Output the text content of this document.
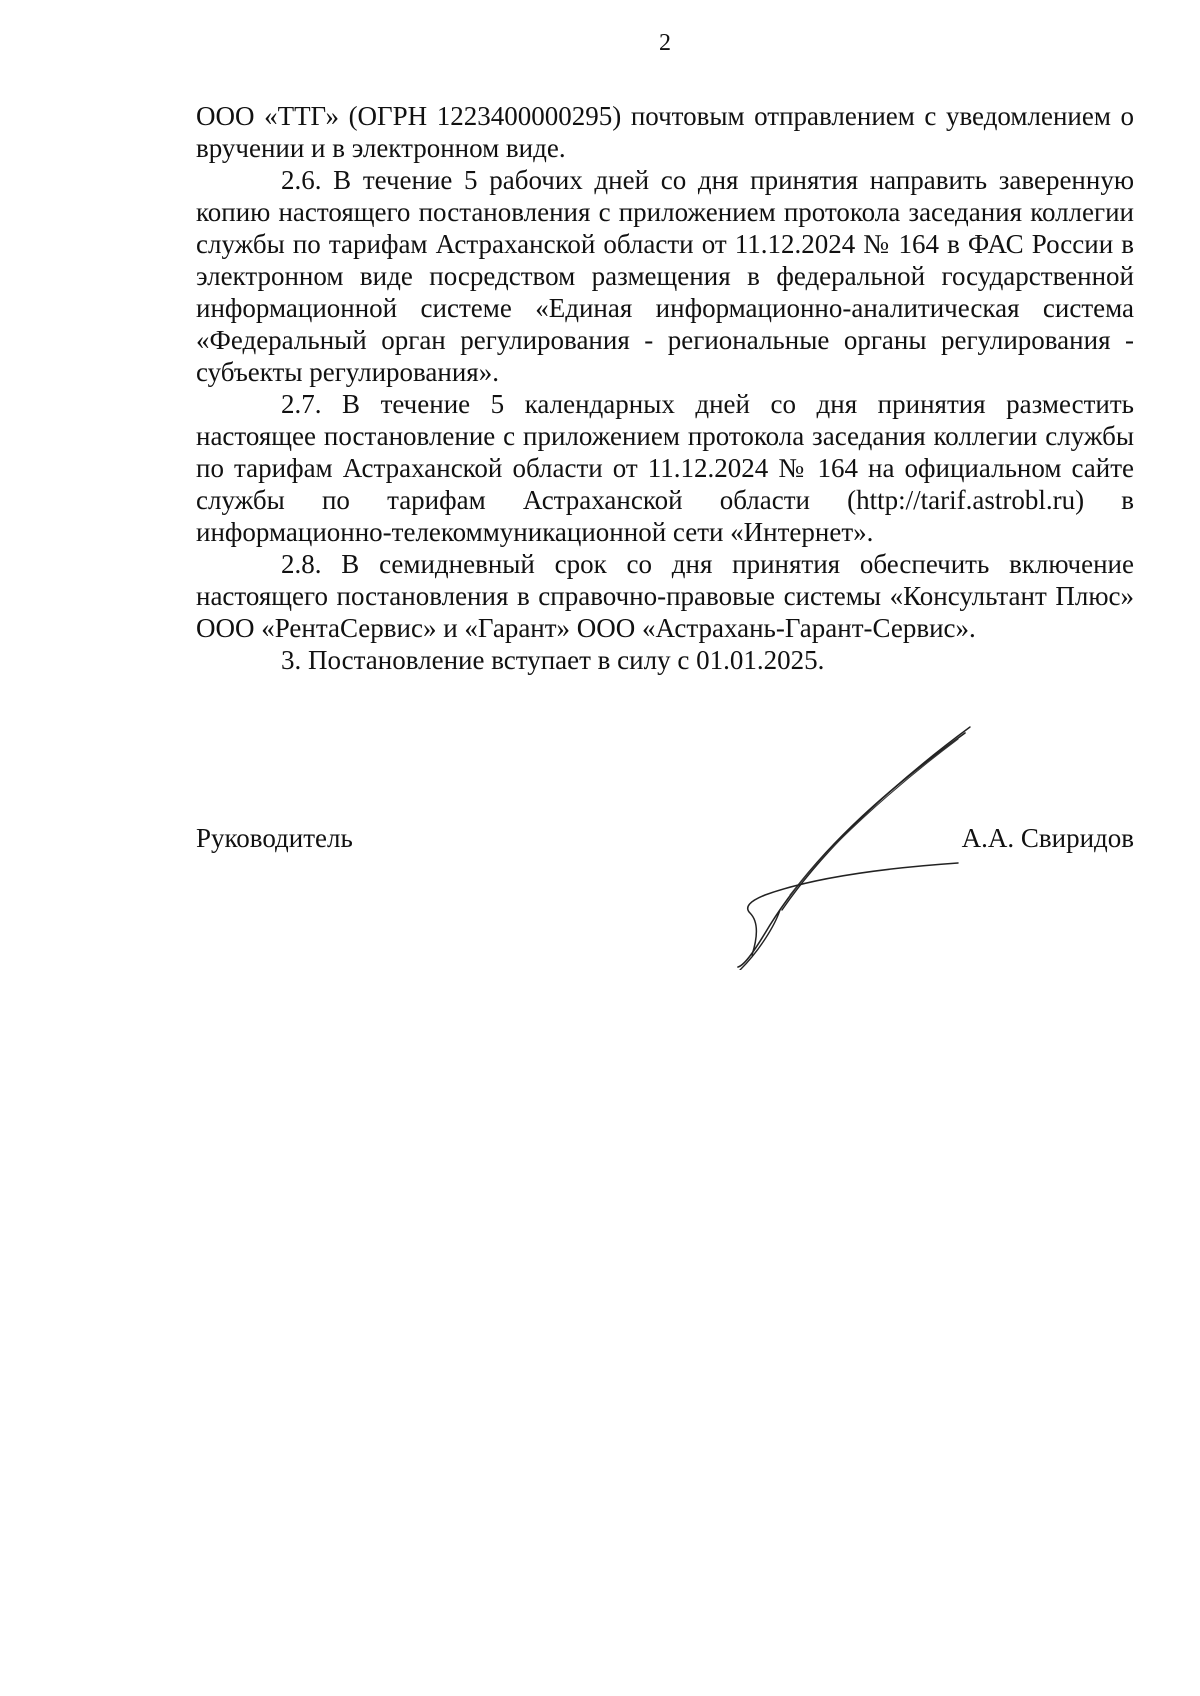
2

ООО «ТТГ» (ОГРН 1223400000295) почтовым отправлением с уведомлением о вручении и в электронном виде.

2.6. В течение 5 рабочих дней со дня принятия направить заверенную копию настоящего постановления с приложением протокола заседания коллегии службы по тарифам Астраханской области от 11.12.2024 № 164 в ФАС России в электронном виде посредством размещения в федеральной государственной информационной системе «Единая информационно-аналитическая система «Федеральный орган регулирования - региональные органы регулирования - субъекты регулирования».

2.7. В течение 5 календарных дней со дня принятия разместить настоящее постановление с приложением протокола заседания коллегии службы по тарифам Астраханской области от 11.12.2024 № 164 на официальном сайте службы по тарифам Астраханской области (http://tarif.astrobl.ru) в информационно-телекоммуникационной сети «Интернет».

2.8. В семидневный срок со дня принятия обеспечить включение настоящего постановления в справочно-правовые системы «Консультант Плюс» ООО «РентаСервис» и «Гарант» ООО «Астрахань-Гарант-Сервис».

3. Постановление вступает в силу с 01.01.2025.

Руководитель	А.А. Свиридов
